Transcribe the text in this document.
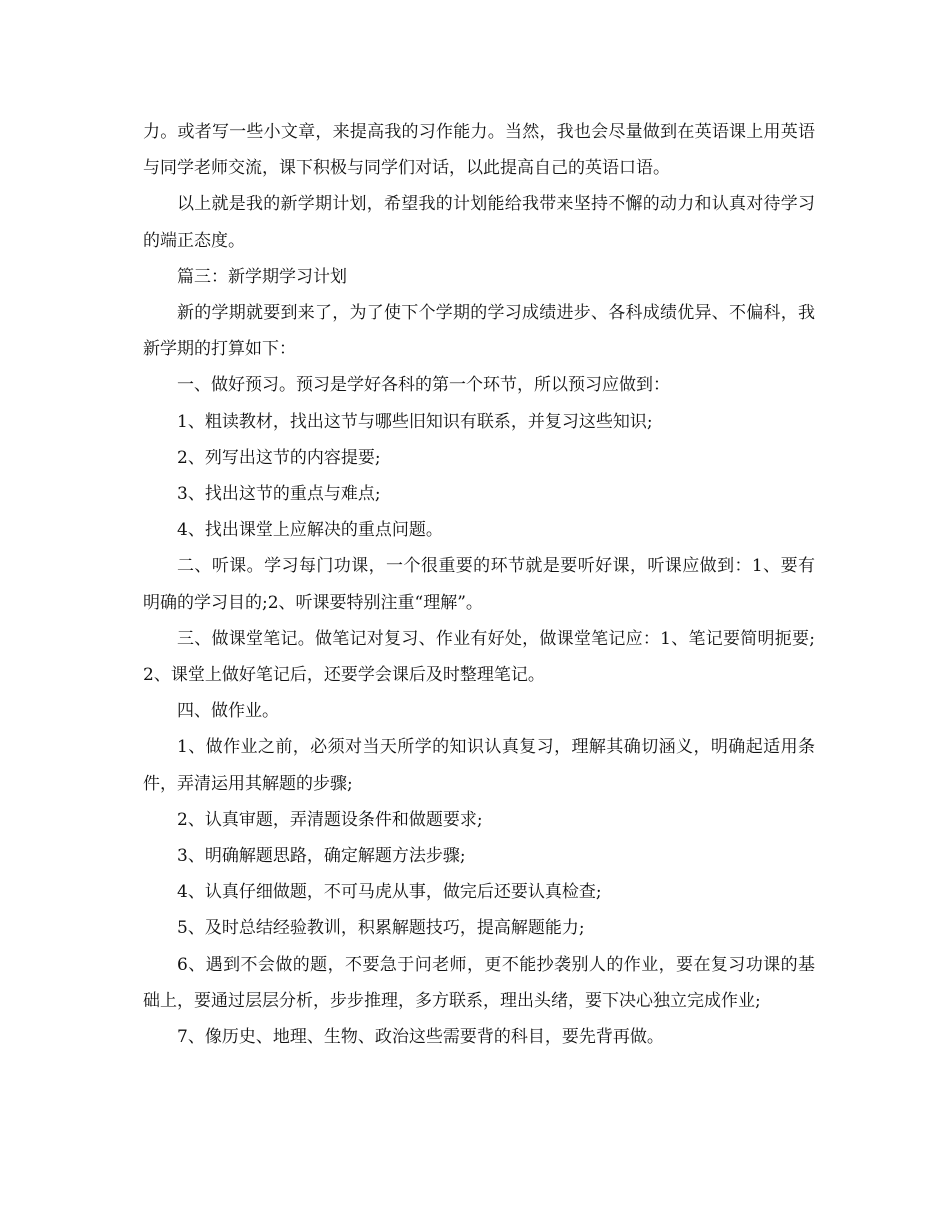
力。或者写一些小文章，来提高我的习作能力。当然，我也会尽量做到在英语课上用英语与同学老师交流，课下积极与同学们对话，以此提高自己的英语口语。

以上就是我的新学期计划，希望我的计划能给我带来坚持不懈的动力和认真对待学习的端正态度。

篇三：新学期学习计划

新的学期就要到来了，为了使下个学期的学习成绩进步、各科成绩优异、不偏科，我新学期的打算如下：

一、做好预习。预习是学好各科的第一个环节，所以预习应做到：

1、粗读教材，找出这节与哪些旧知识有联系，并复习这些知识;

2、列写出这节的内容提要;

3、找出这节的重点与难点;

4、找出课堂上应解决的重点问题。

二、听课。学习每门功课，一个很重要的环节就是要听好课，听课应做到：1、要有明确的学习目的;2、听课要特别注重“理解”。

三、做课堂笔记。做笔记对复习、作业有好处，做课堂笔记应：1、笔记要简明扼要;2、课堂上做好笔记后，还要学会课后及时整理笔记。

四、做作业。

1、做作业之前，必须对当天所学的知识认真复习，理解其确切涵义，明确起适用条件，弄清运用其解题的步骤;

2、认真审题，弄清题设条件和做题要求;

3、明确解题思路，确定解题方法步骤;

4、认真仔细做题，不可马虎从事，做完后还要认真检查;

5、及时总结经验教训，积累解题技巧，提高解题能力;

6、遇到不会做的题，不要急于问老师，更不能抄袭别人的作业，要在复习功课的基础上，要通过层层分析，步步推理，多方联系，理出头绪，要下决心独立完成作业;

7、像历史、地理、生物、政治这些需要背的科目，要先背再做。
